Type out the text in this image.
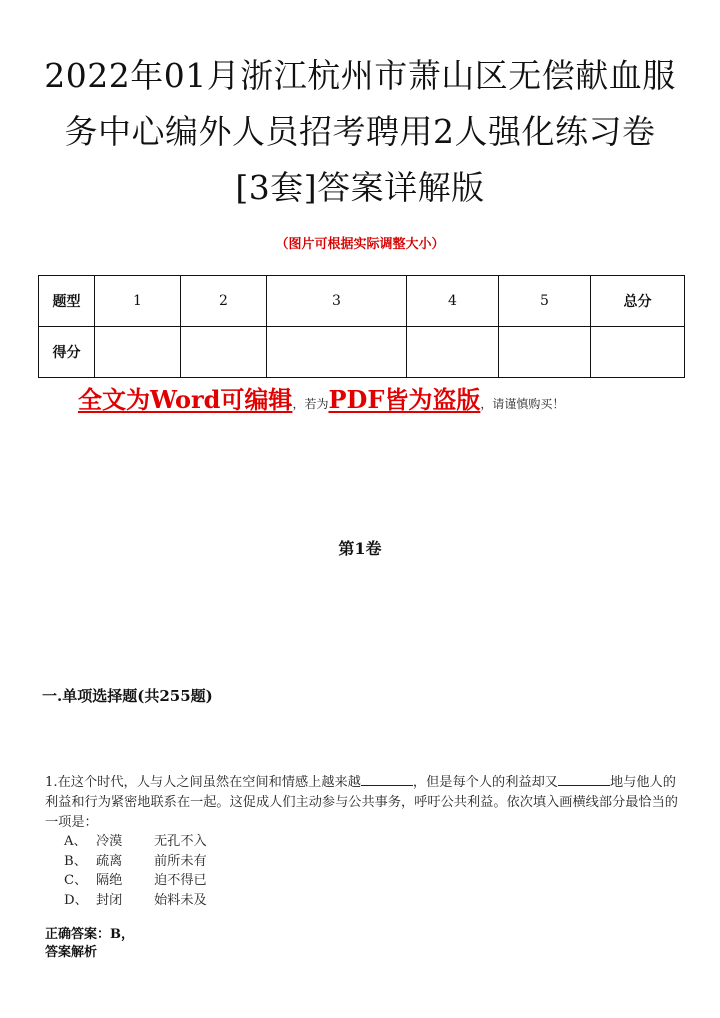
2022年01月浙江杭州市萧山区无偿献血服
务中心编外人员招考聘用2人强化练习卷
[3套]答案详解版
（图片可根据实际调整大小）
题型	1	2	3	4	5	总分
得分						
全文为Word可编辑，若为PDF皆为盗版，请谨慎购买！
第1卷
一.单项选择题(共255题)
1.在这个时代，人与人之间虽然在空间和情感上越来越	，但是每个人的利益却又	地与他人的利益和行为紧密地联系在一起。这促成人们主动参与公共事务，呼吁公共利益。依次填入画横线部分最恰当的一项是：
A、 冷漠	无孔不入
B、 疏离	前所未有
C、 隔绝	迫不得已
D、 封闭	始料未及
正确答案：B，
答案解析
